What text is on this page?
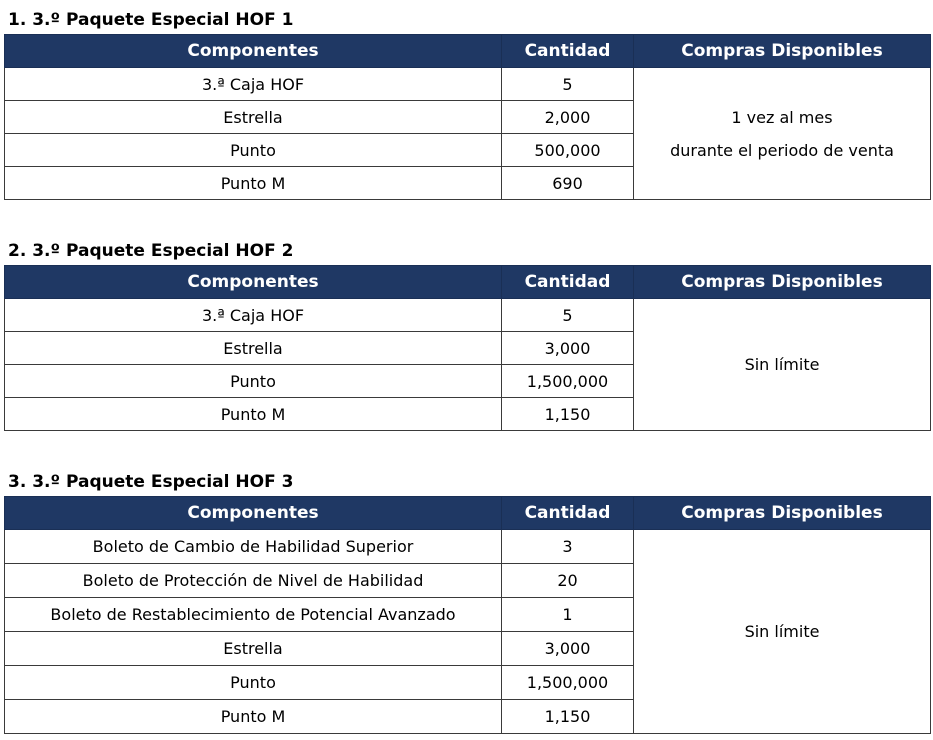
1. 3.º Paquete Especial HOF 1
Componentes	Cantidad	Compras Disponibles
3.ª Caja HOF	5	1 vez al mes
durante el periodo de venta

Estrella	2,000	
Punto	500,000	
Punto M	690	
2. 3.º Paquete Especial HOF 2
Componentes	Cantidad	Compras Disponibles
3.ª Caja HOF	5	Sin límite

Estrella	3,000	
Punto	1,500,000	
Punto M	1,150	
3. 3.º Paquete Especial HOF 3
Componentes	Cantidad	Compras Disponibles
Boleto de Cambio de Habilidad Superior	3	Sin límite

Boleto de Protección de Nivel de Habilidad	20	
Boleto de Restablecimiento de Potencial Avanzado	1	
Estrella	3,000	
Punto	1,500,000	
Punto M	1,150	
